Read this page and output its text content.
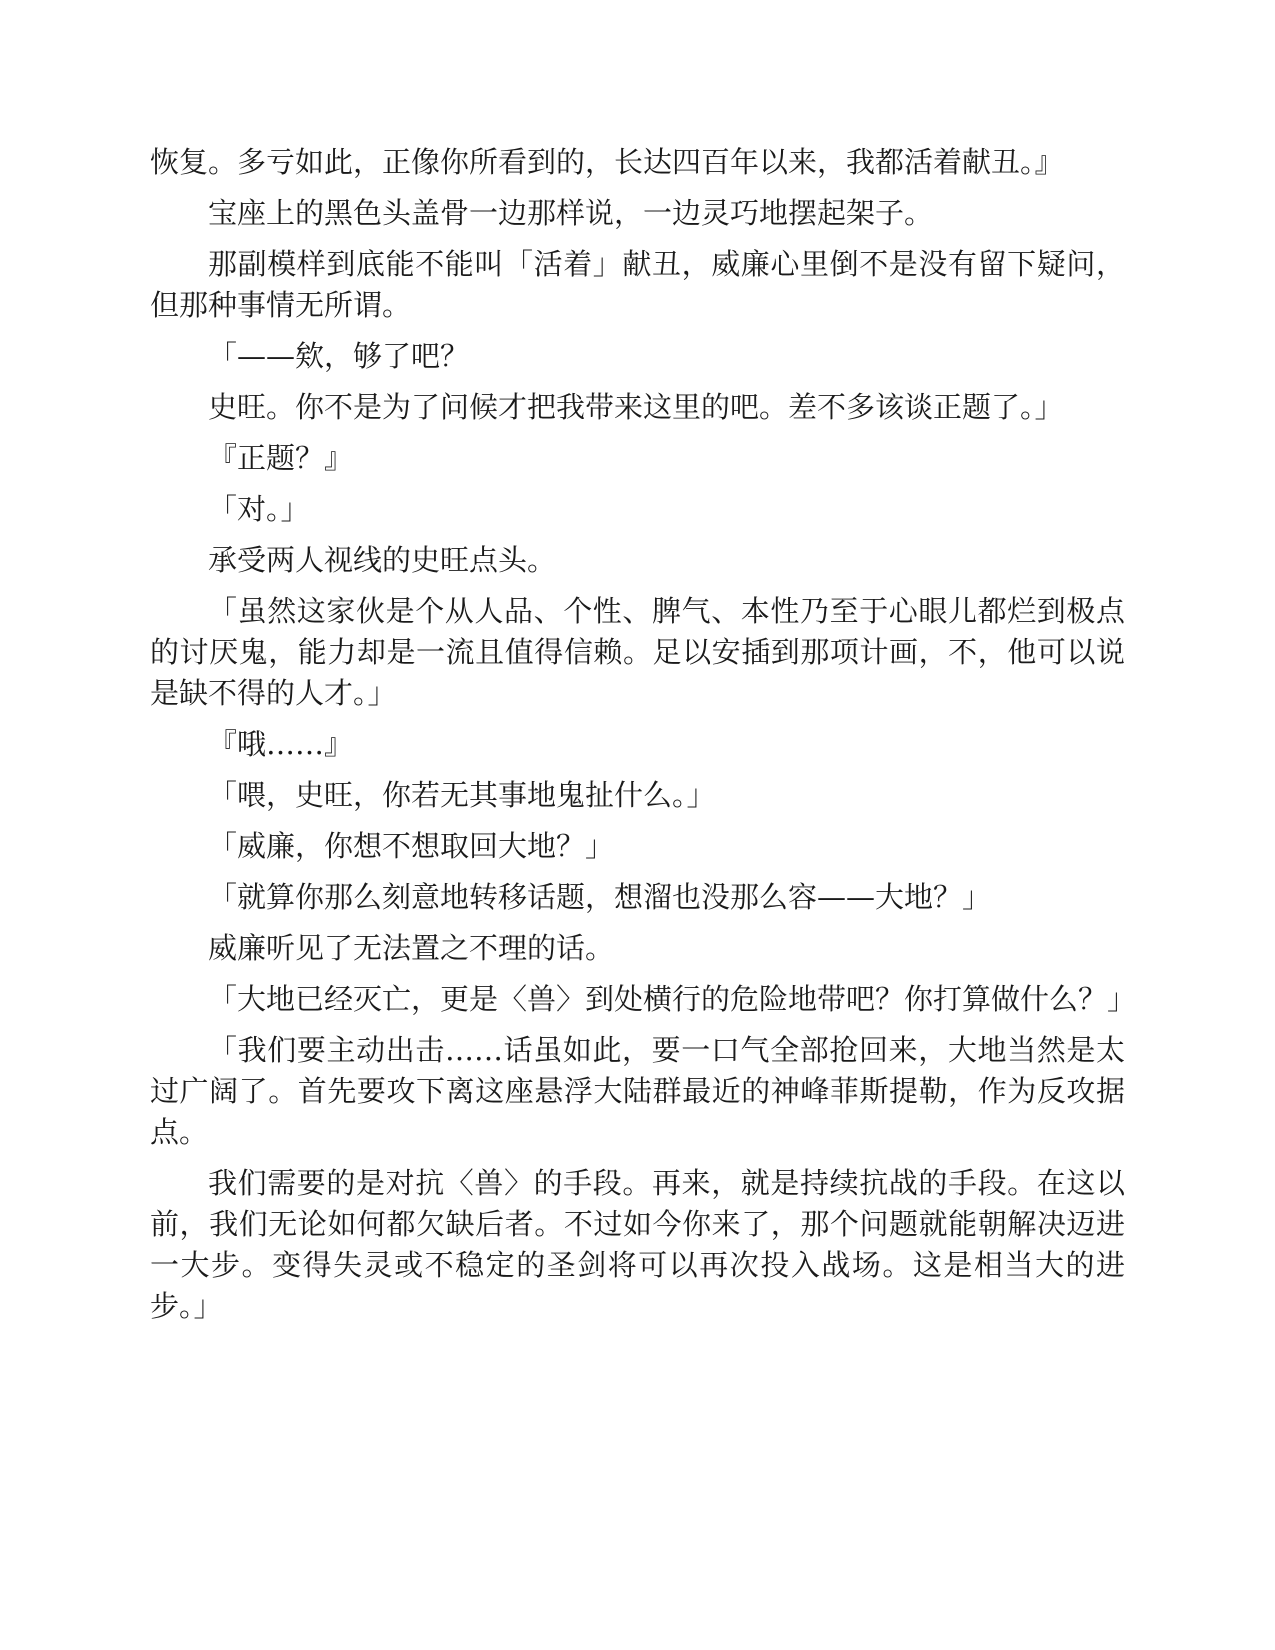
恢复。多亏如此，正像你所看到的，长达四百年以来，我都活着献丑。』

宝座上的黑色头盖骨一边那样说，一边灵巧地摆起架子。

那副模样到底能不能叫「活着」献丑，威廉心里倒不是没有留下疑问，但那种事情无所谓。

「——欸，够了吧？

史旺。你不是为了问候才把我带来这里的吧。差不多该谈正题了。」

『正题？』

「对。」

承受两人视线的史旺点头。

「虽然这家伙是个从人品、个性、脾气、本性乃至于心眼儿都烂到极点的讨厌鬼，能力却是一流且值得信赖。足以安插到那项计画，不，他可以说是缺不得的人才。」

『哦……』

「喂，史旺，你若无其事地鬼扯什么。」

「威廉，你想不想取回大地？」

「就算你那么刻意地转移话题，想溜也没那么容——大地？」

威廉听见了无法置之不理的话。

「大地已经灭亡，更是〈兽〉到处横行的危险地带吧？你打算做什么？」

「我们要主动出击……话虽如此，要一口气全部抢回来，大地当然是太过广阔了。首先要攻下离这座悬浮大陆群最近的神峰菲斯提勒，作为反攻据点。

我们需要的是对抗〈兽〉的手段。再来，就是持续抗战的手段。在这以前，我们无论如何都欠缺后者。不过如今你来了，那个问题就能朝解决迈进一大步。变得失灵或不稳定的圣剑将可以再次投入战场。这是相当大的进步。」
